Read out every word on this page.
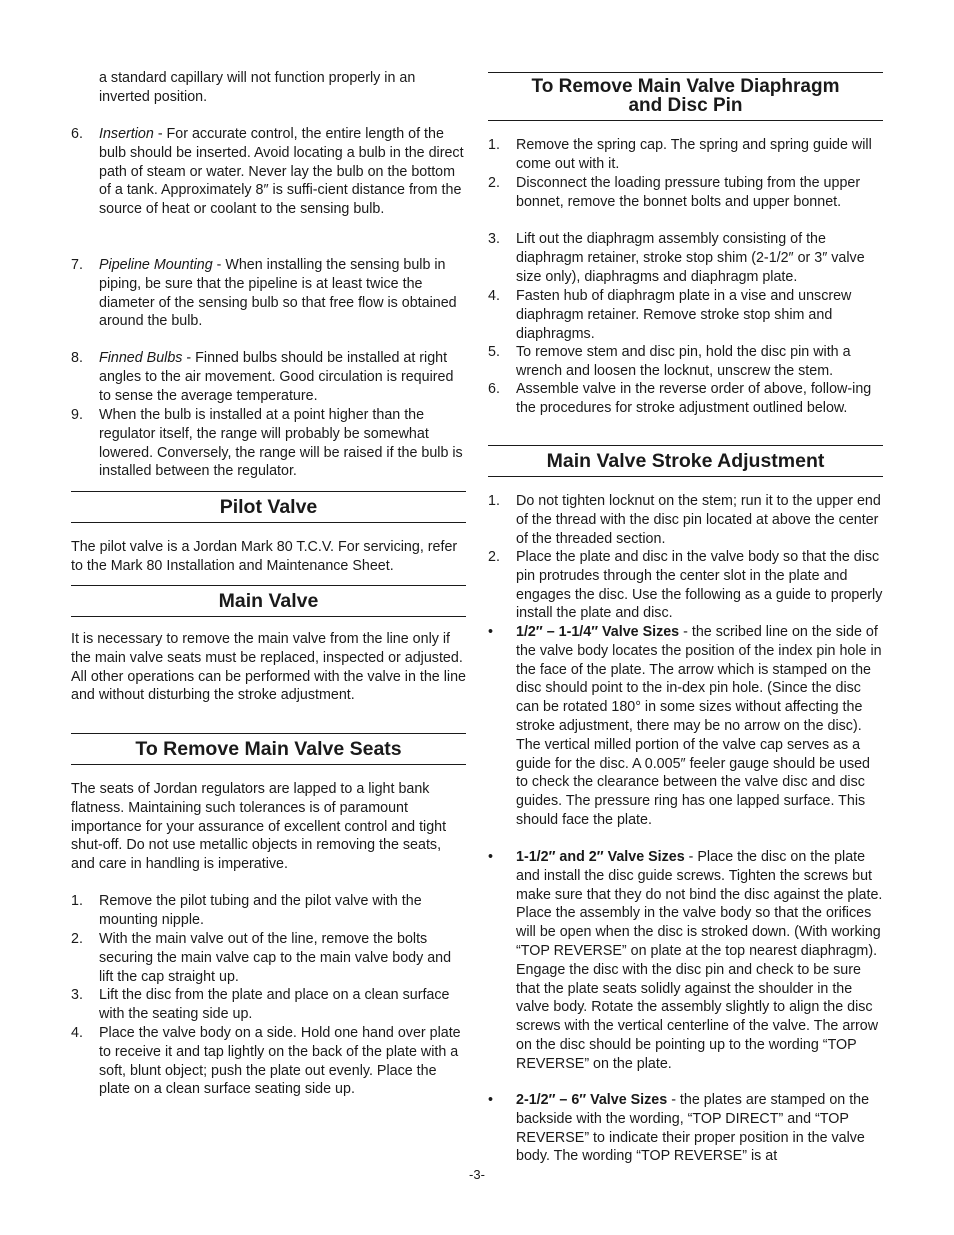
a standard capillary will not function properly in an inverted position.

6. Insertion - For accurate control, the entire length of the bulb should be inserted. Avoid locating a bulb in the direct path of steam or water. Never lay the bulb on the bottom of a tank. Approximately 8″ is suffi-cient distance from the source of heat or coolant to the sensing bulb.
7. Pipeline Mounting - When installing the sensing bulb in piping, be sure that the pipeline is at least twice the diameter of the sensing bulb so that free flow is obtained around the bulb.
8. Finned Bulbs - Finned bulbs should be installed at right angles to the air movement. Good circulation is required to sense the average temperature.
9. When the bulb is installed at a point higher than the regulator itself, the range will probably be somewhat lowered. Conversely, the range will be raised if the bulb is installed between the regulator.
Pilot Valve

The pilot valve is a Jordan Mark 80 T.C.V. For servicing, refer to the Mark 80 Installation and Maintenance Sheet.

Main Valve

It is necessary to remove the main valve from the line only if the main valve seats must be replaced, inspected or adjusted. All other operations can be performed with the valve in the line and without disturbing the stroke adjustment.

To Remove Main Valve Seats

The seats of Jordan regulators are lapped to a light bank flatness. Maintaining such tolerances is of paramount importance for your assurance of excellent control and tight shut-off. Do not use metallic objects in removing the seats, and care in handling is imperative.

1. Remove the pilot tubing and the pilot valve with the mounting nipple.
2. With the main valve out of the line, remove the bolts securing the main valve cap to the main valve body and lift the cap straight up.
3. Lift the disc from the plate and place on a clean surface with the seating side up.
4. Place the valve body on a side. Hold one hand over plate to receive it and tap lightly on the back of the plate with a soft, blunt object; push the plate out evenly. Place the plate on a clean surface seating side up.
To Remove Main Valve Diaphragm
and Disc Pin
1. Remove the spring cap. The spring and spring guide will come out with it.
2. Disconnect the loading pressure tubing from the upper bonnet, remove the bonnet bolts and upper bonnet.
3. Lift out the diaphragm assembly consisting of the diaphragm retainer, stroke stop shim (2-1/2″ or 3″ valve size only), diaphragms and diaphragm plate.
4. Fasten hub of diaphragm plate in a vise and unscrew diaphragm retainer. Remove stroke stop shim and diaphragms.
5. To remove stem and disc pin, hold the disc pin with a wrench and loosen the locknut, unscrew the stem.
6. Assemble valve in the reverse order of above, follow-ing the procedures for stroke adjustment outlined below.
Main Valve Stroke Adjustment
1. Do not tighten locknut on the stem; run it to the upper end of the thread with the disc pin located at above the center of the threaded section.
2. Place the plate and disc in the valve body so that the disc pin protrudes through the center slot in the plate and engages the disc. Use the following as a guide to properly install the plate and disc.
• 1/2″ – 1-1/4″ Valve Sizes - the scribed line on the side of the valve body locates the position of the index pin hole in the face of the plate. The arrow which is stamped on the disc should point to the in-dex pin hole. (Since the disc can be rotated 180° in some sizes without affecting the stroke adjustment, there may be no arrow on the disc). The vertical milled portion of the valve cap serves as a guide for the disc. A 0.005″ feeler gauge should be used to check the clearance between the valve disc and disc guides. The pressure ring has one lapped surface. This should face the plate.
• 1-1/2″ and 2″ Valve Sizes - Place the disc on the plate and install the disc guide screws. Tighten the screws but make sure that they do not bind the disc against the plate. Place the assembly in the valve body so that the orifices will be open when the disc is stroked down. (With working “TOP REVERSE” on plate at the top nearest diaphragm). Engage the disc with the disc pin and check to be sure that the plate seats solidly against the shoulder in the valve body. Rotate the assembly slightly to align the disc screws with the vertical centerline of the valve. The arrow on the disc should be pointing up to the wording “TOP REVERSE” on the plate.
• 2-1/2″ – 6″ Valve Sizes - the plates are stamped on the backside with the wording, “TOP DIRECT” and “TOP REVERSE” to indicate their proper position in the valve body. The wording “TOP REVERSE” is at
-3-
